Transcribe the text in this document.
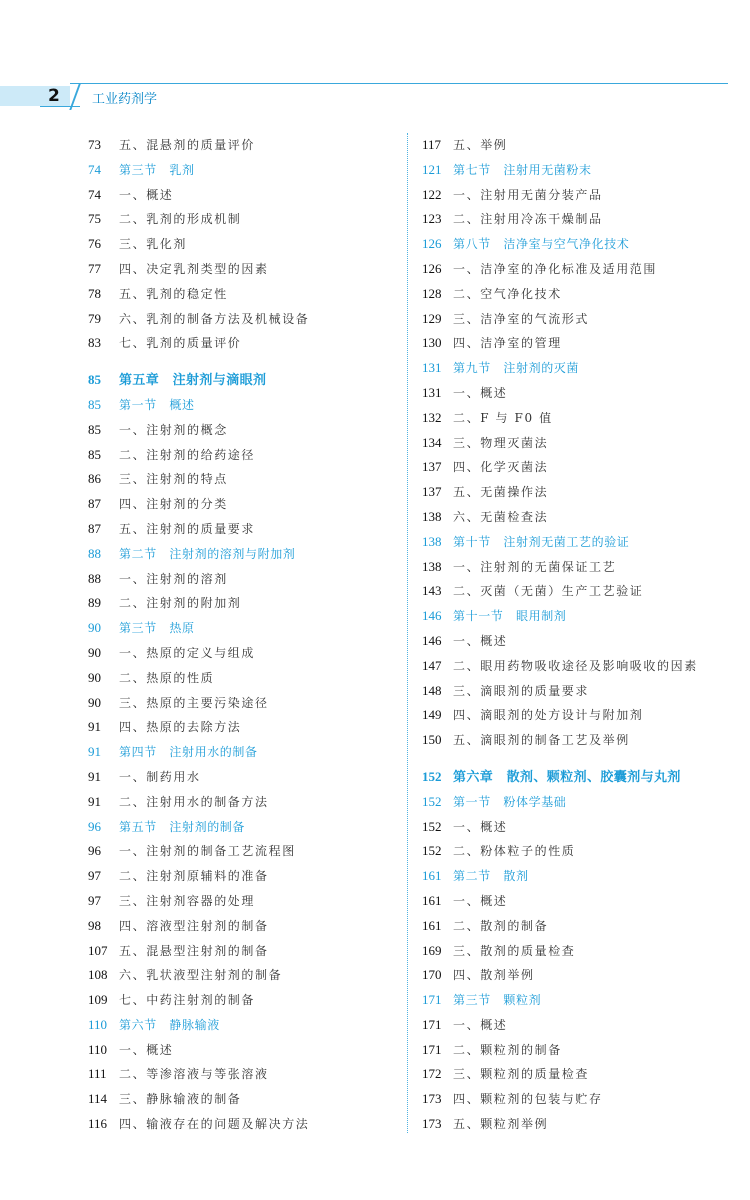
2 工业药剂学
73 五、混悬剂的质量评价
74 第三节　乳剂
74 一、概述
75 二、乳剂的形成机制
76 三、乳化剂
77 四、决定乳剂类型的因素
78 五、乳剂的稳定性
79 六、乳剂的制备方法及机械设备
83 七、乳剂的质量评价
85 第五章　注射剂与滴眼剂
85 第一节　概述
85 一、注射剂的概念
85 二、注射剂的给药途径
86 三、注射剂的特点
87 四、注射剂的分类
87 五、注射剂的质量要求
88 第二节　注射剂的溶剂与附加剂
88 一、注射剂的溶剂
89 二、注射剂的附加剂
90 第三节　热原
90 一、热原的定义与组成
90 二、热原的性质
90 三、热原的主要污染途径
91 四、热原的去除方法
91 第四节　注射用水的制备
91 一、制药用水
91 二、注射用水的制备方法
96 第五节　注射剂的制备
96 一、注射剂的制备工艺流程图
97 二、注射剂原辅料的准备
97 三、注射剂容器的处理
98 四、溶液型注射剂的制备
107 五、混悬型注射剂的制备
108 六、乳状液型注射剂的制备
109 七、中药注射剂的制备
110 第六节　静脉输液
110 一、概述
111 二、等渗溶液与等张溶液
114 三、静脉输液的制备
116 四、输液存在的问题及解决方法
117 五、举例
121 第七节　注射用无菌粉末
122 一、注射用无菌分装产品
123 二、注射用冷冻干燥制品
126 第八节　洁净室与空气净化技术
126 一、洁净室的净化标准及适用范围
128 二、空气净化技术
129 三、洁净室的气流形式
130 四、洁净室的管理
131 第九节　注射剂的灭菌
131 一、概述
132 二、F 与 F0 值
134 三、物理灭菌法
137 四、化学灭菌法
137 五、无菌操作法
138 六、无菌检查法
138 第十节　注射剂无菌工艺的验证
138 一、注射剂的无菌保证工艺
143 二、灭菌（无菌）生产工艺验证
146 第十一节　眼用制剂
146 一、概述
147 二、眼用药物吸收途径及影响吸收的因素
148 三、滴眼剂的质量要求
149 四、滴眼剂的处方设计与附加剂
150 五、滴眼剂的制备工艺及举例
152 第六章　散剂、颗粒剂、胶囊剂与丸剂
152 第一节　粉体学基础
152 一、概述
152 二、粉体粒子的性质
161 第二节　散剂
161 一、概述
161 二、散剂的制备
169 三、散剂的质量检查
170 四、散剂举例
171 第三节　颗粒剂
171 一、概述
171 二、颗粒剂的制备
172 三、颗粒剂的质量检查
173 四、颗粒剂的包装与贮存
173 五、颗粒剂举例
